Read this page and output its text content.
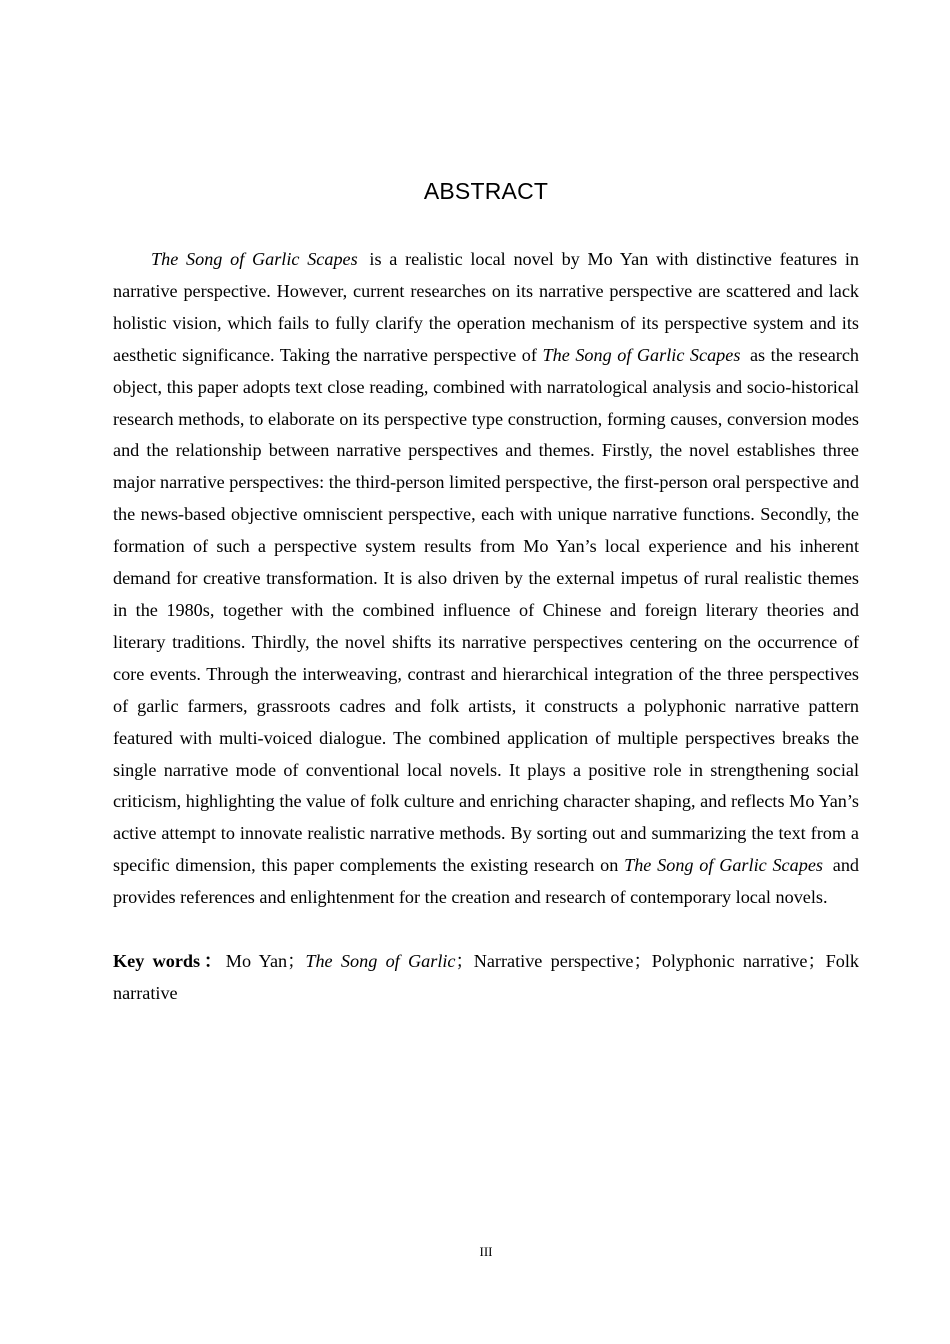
ABSTRACT

The Song of Garlic Scapes is a realistic local novel by Mo Yan with distinctive features in narrative perspective. However, current researches on its narrative perspective are scattered and lack holistic vision, which fails to fully clarify the operation mechanism of its perspective system and its aesthetic significance. Taking the narrative perspective of The Song of Garlic Scapes as the research object, this paper adopts text close reading, combined with narratological analysis and socio-historical research methods, to elaborate on its perspective type construction, forming causes, conversion modes and the relationship between narrative perspectives and themes. Firstly, the novel establishes three major narrative perspectives: the third-person limited perspective, the first-person oral perspective and the news-based objective omniscient perspective, each with unique narrative functions. Secondly, the formation of such a perspective system results from Mo Yan’s local experience and his inherent demand for creative transformation. It is also driven by the external impetus of rural realistic themes in the 1980s, together with the combined influence of Chinese and foreign literary theories and literary traditions. Thirdly, the novel shifts its narrative perspectives centering on the occurrence of core events. Through the interweaving, contrast and hierarchical integration of the three perspectives of garlic farmers, grassroots cadres and folk artists, it constructs a polyphonic narrative pattern featured with multi-voiced dialogue. The combined application of multiple perspectives breaks the single narrative mode of conventional local novels. It plays a positive role in strengthening social criticism, highlighting the value of folk culture and enriching character shaping, and reflects Mo Yan’s active attempt to innovate realistic narrative methods. By sorting out and summarizing the text from a specific dimension, this paper complements the existing research on The Song of Garlic Scapes and provides references and enlightenment for the creation and research of contemporary local novels.

Key words：Mo Yan；The Song of Garlic；Narrative perspective；Polyphonic narrative；Folk narrative

III
